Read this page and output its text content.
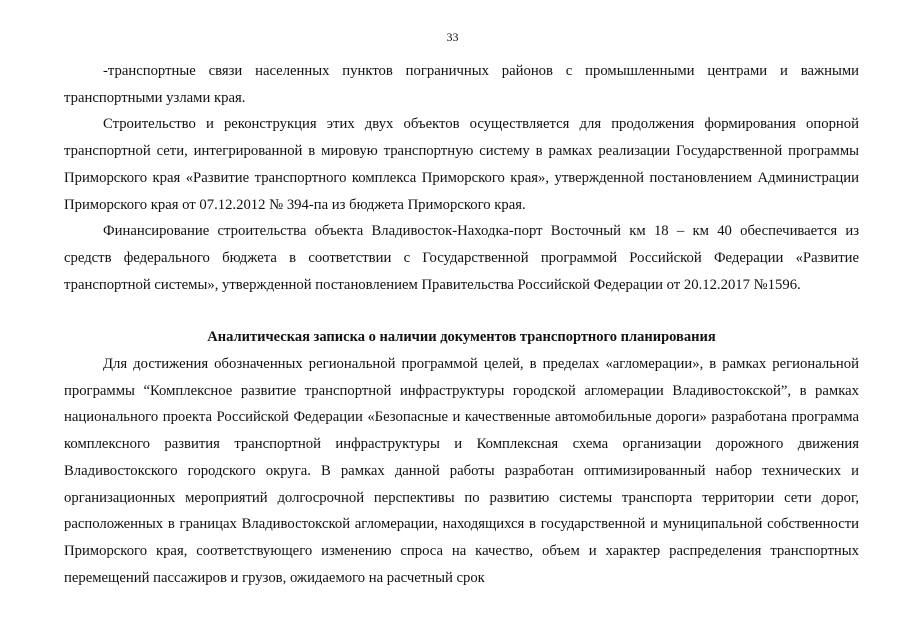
33

-транспортные связи населенных пунктов пограничных районов с промышленными центрами и важными транспортными узлами края.

Строительство и реконструкция этих двух объектов осуществляется для продолжения формирования опорной транспортной сети, интегрированной в мировую транспортную систему в рамках реализации Государственной программы Приморского края «Развитие транспортного комплекса Приморского края», утвержденной постановлением Администрации Приморского края от 07.12.2012 № 394-па из бюджета Приморского края.

Финансирование строительства объекта Владивосток-Находка-порт Восточный км 18 – км 40 обеспечивается из средств федерального бюджета в соответствии с Государственной программой Российской Федерации «Развитие транспортной системы», утвержденной постановлением Правительства Российской Федерации от 20.12.2017 №1596.

Аналитическая записка о наличии документов транспортного планирования

Для достижения обозначенных региональной программой целей, в пределах «агломерации», в рамках региональной программы “Комплексное развитие транспортной инфраструктуры городской агломерации Владивостокской”, в рамках национального проекта Российской Федерации «Безопасные и качественные автомобильные дороги» разработана программа комплексного развития транспортной инфраструктуры и Комплексная схема организации дорожного движения Владивостокского городского округа. В рамках данной работы разработан оптимизированный набор технических и организационных мероприятий долгосрочной перспективы по развитию системы транспорта территории сети дорог, расположенных в границах Владивостокской агломерации, находящихся в государственной и муниципальной собственности Приморского края, соответствующего изменению спроса на качество, объем и характер распределения транспортных перемещений пассажиров и грузов, ожидаемого на расчетный срок
